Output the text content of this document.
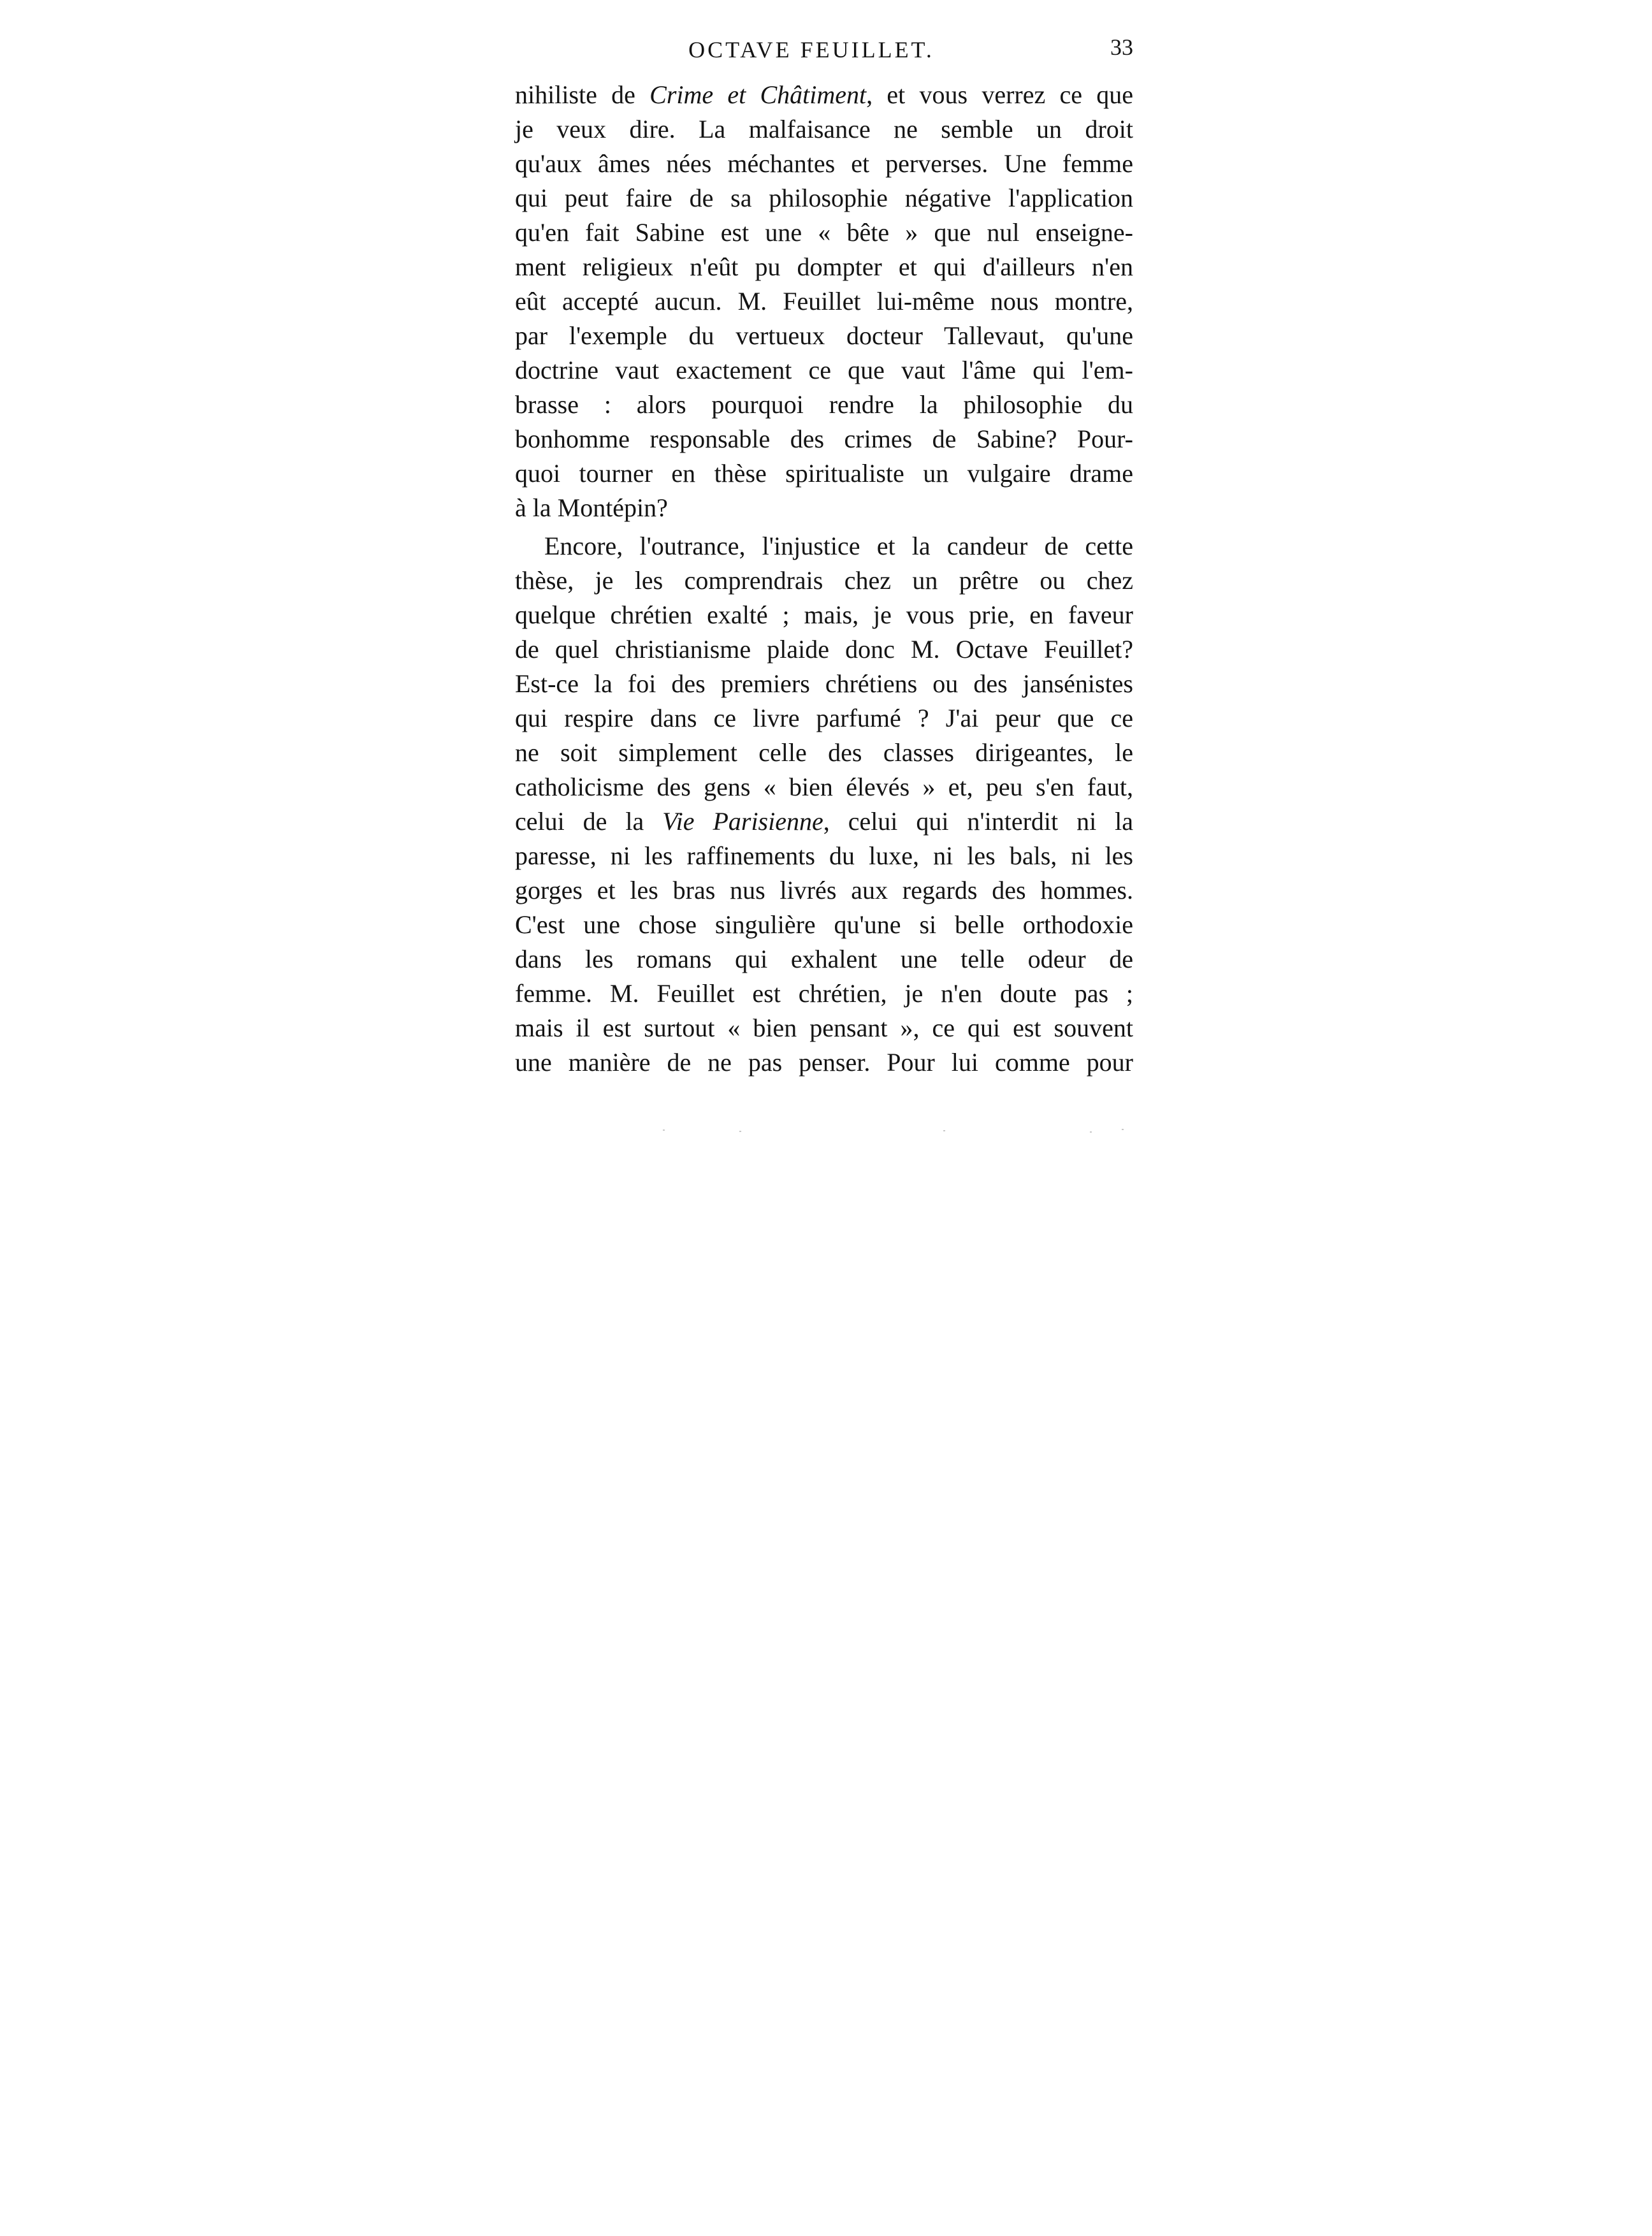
OCTAVE FEUILLET.	33
nihiliste de Crime et Châtiment, et vous verrez ce que
je veux dire. La malfaisance ne semble un droit
qu'aux âmes nées méchantes et perverses. Une femme
qui peut faire de sa philosophie négative l'application
qu'en fait Sabine est une « bête » que nul enseigne-
ment religieux n'eût pu dompter et qui d'ailleurs n'en
eût accepté aucun. M. Feuillet lui-même nous montre,
par l'exemple du vertueux docteur Tallevaut, qu'une
doctrine vaut exactement ce que vaut l'âme qui l'em-
brasse : alors pourquoi rendre la philosophie du
bonhomme responsable des crimes de Sabine? Pour-
quoi tourner en thèse spiritualiste un vulgaire drame
à la Montépin?
Encore, l'outrance, l'injustice et la candeur de cette
thèse, je les comprendrais chez un prêtre ou chez
quelque chrétien exalté ; mais, je vous prie, en faveur
de quel christianisme plaide donc M. Octave Feuillet?
Est-ce la foi des premiers chrétiens ou des jansénistes
qui respire dans ce livre parfumé ? J'ai peur que ce
ne soit simplement celle des classes dirigeantes, le
catholicisme des gens « bien élevés » et, peu s'en faut,
celui de la Vie Parisienne, celui qui n'interdit ni la
paresse, ni les raffinements du luxe, ni les bals, ni les
gorges et les bras nus livrés aux regards des hommes.
C'est une chose singulière qu'une si belle orthodoxie
dans les romans qui exhalent une telle odeur de
femme. M. Feuillet est chrétien, je n'en doute pas ;
mais il est surtout « bien pensant », ce qui est souvent
une manière de ne pas penser. Pour lui comme pour
